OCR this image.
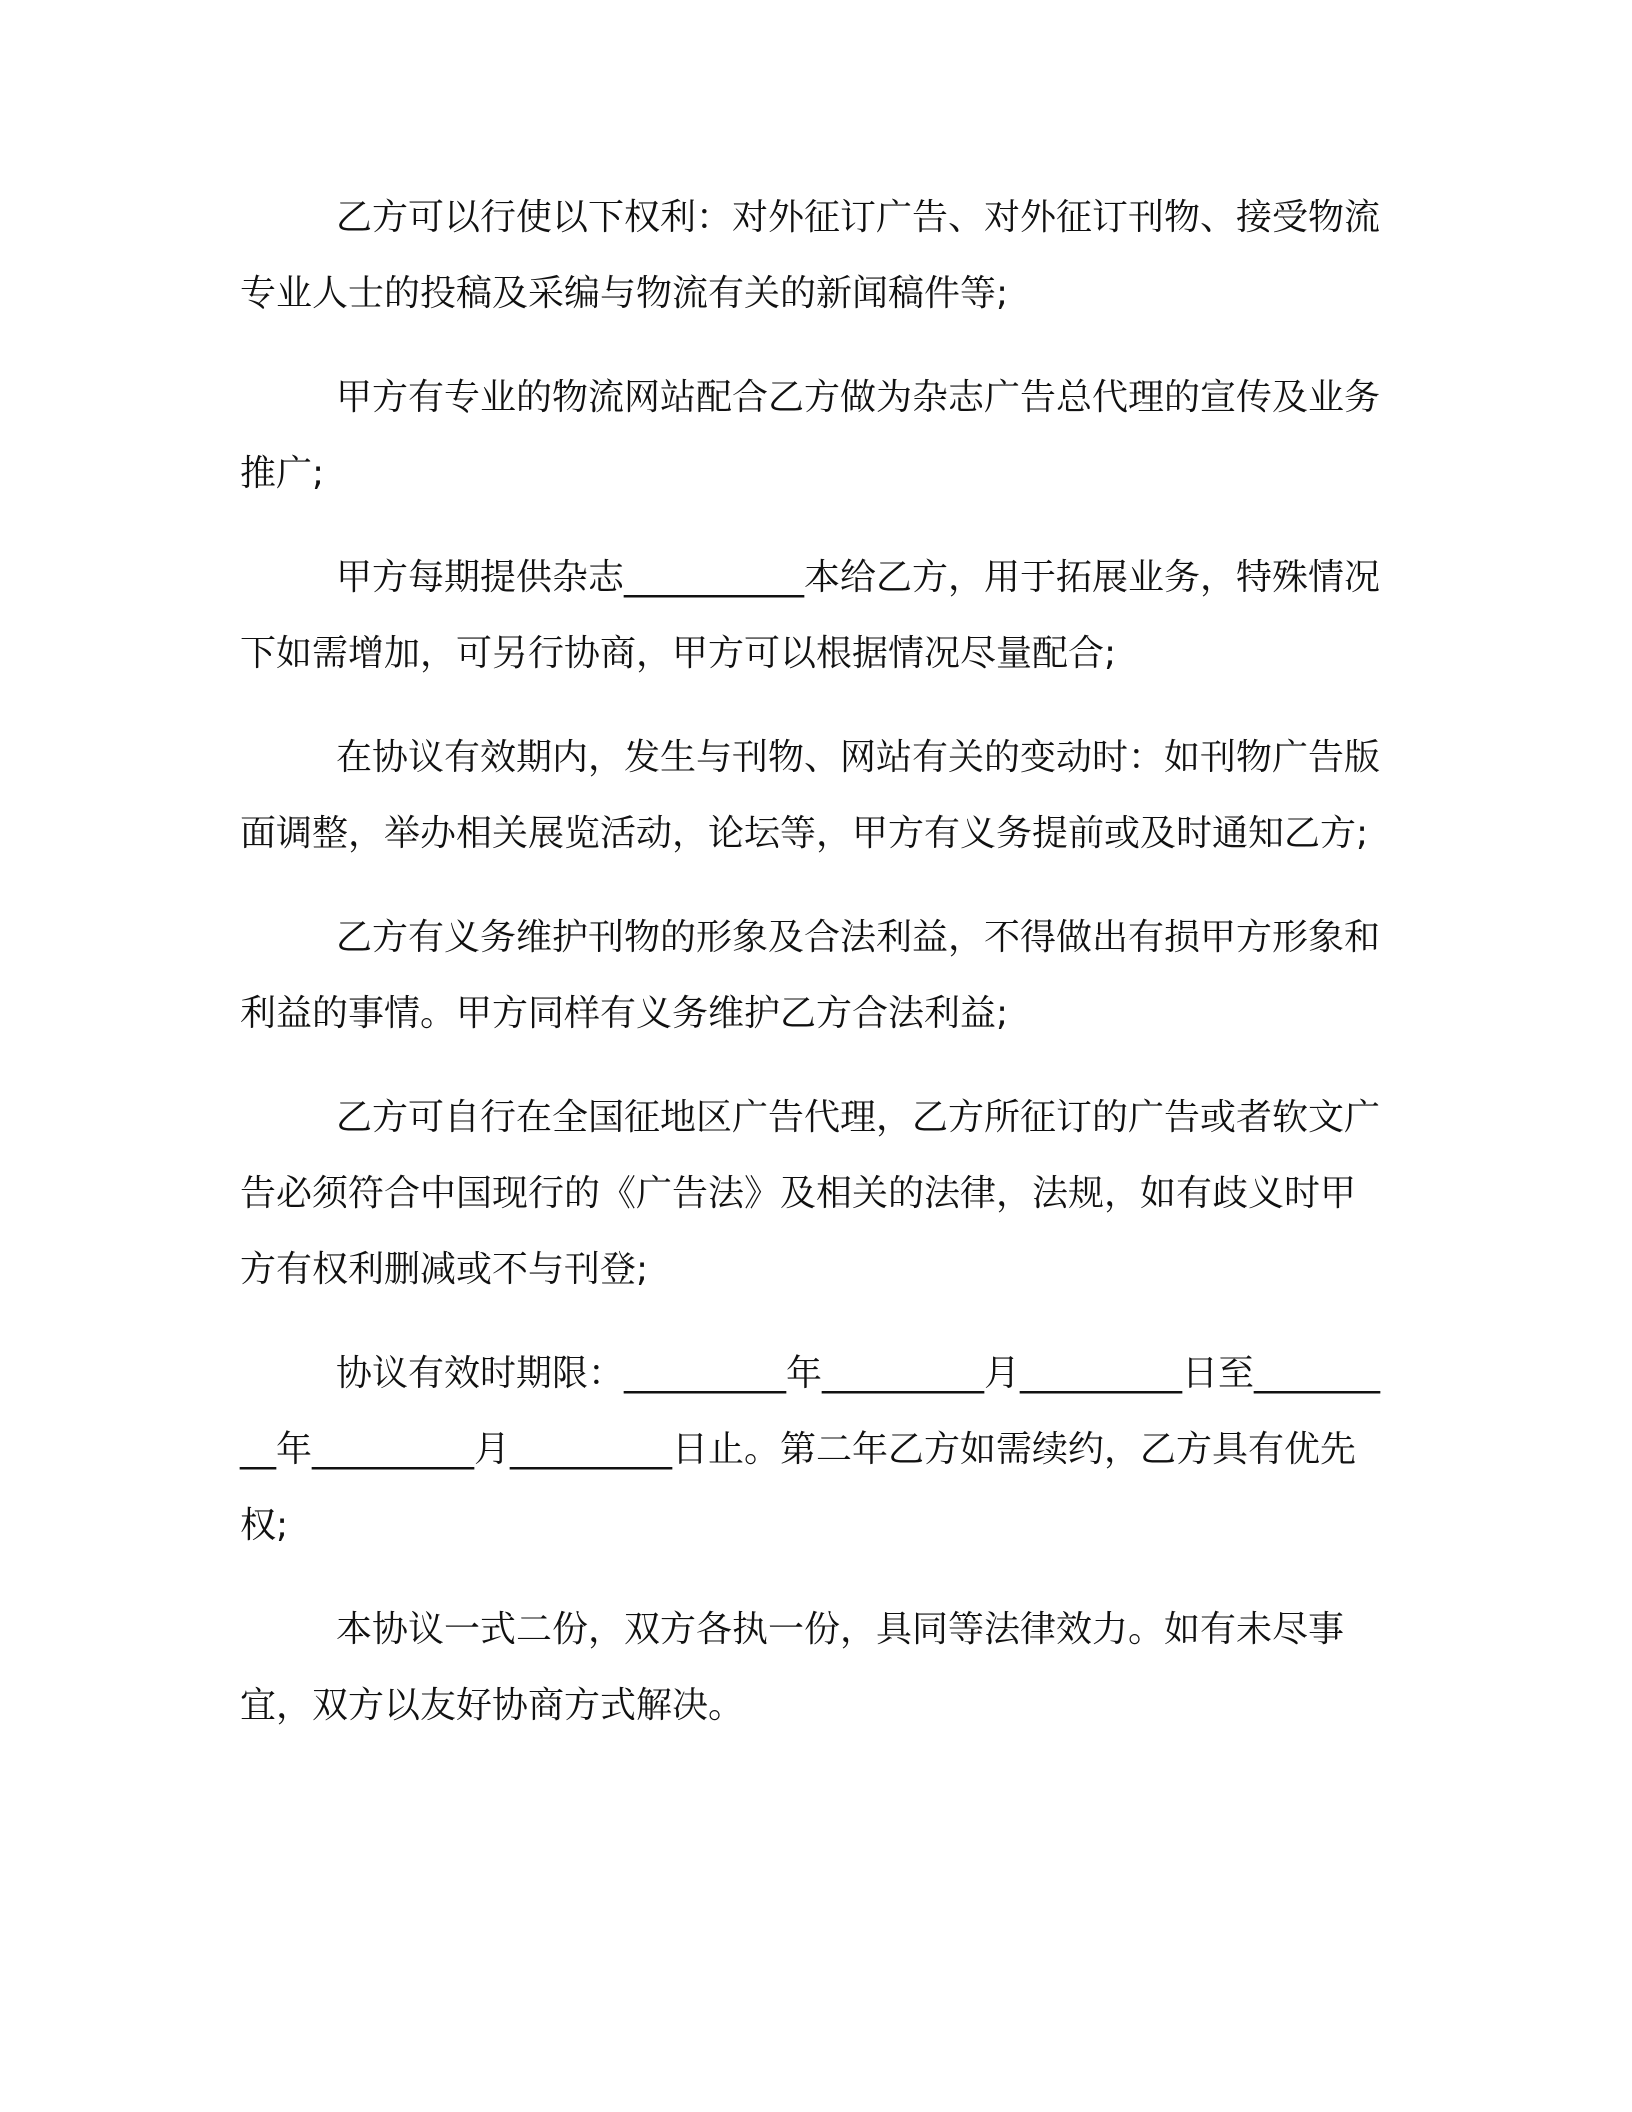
乙方可以行使以下权利：对外征订广告、对外征订刊物、接受物流专业人士的投稿及采编与物流有关的新闻稿件等;

甲方有专业的物流网站配合乙方做为杂志广告总代理的宣传及业务推广;

甲方每期提供杂志__________本给乙方，用于拓展业务，特殊情况下如需增加，可另行协商，甲方可以根据情况尽量配合;

在协议有效期内，发生与刊物、网站有关的变动时：如刊物广告版面调整，举办相关展览活动，论坛等，甲方有义务提前或及时通知乙方;

乙方有义务维护刊物的形象及合法利益，不得做出有损甲方形象和利益的事情。甲方同样有义务维护乙方合法利益;

乙方可自行在全国征地区广告代理，乙方所征订的广告或者软文广告必须符合中国现行的《广告法》及相关的法律，法规，如有歧义时甲方有权利删减或不与刊登;

协议有效时期限：_________年_________月_________日至_________年_________月_________日止。第二年乙方如需续约，乙方具有优先权;

本协议一式二份，双方各执一份，具同等法律效力。如有未尽事宜，双方以友好协商方式解决。
